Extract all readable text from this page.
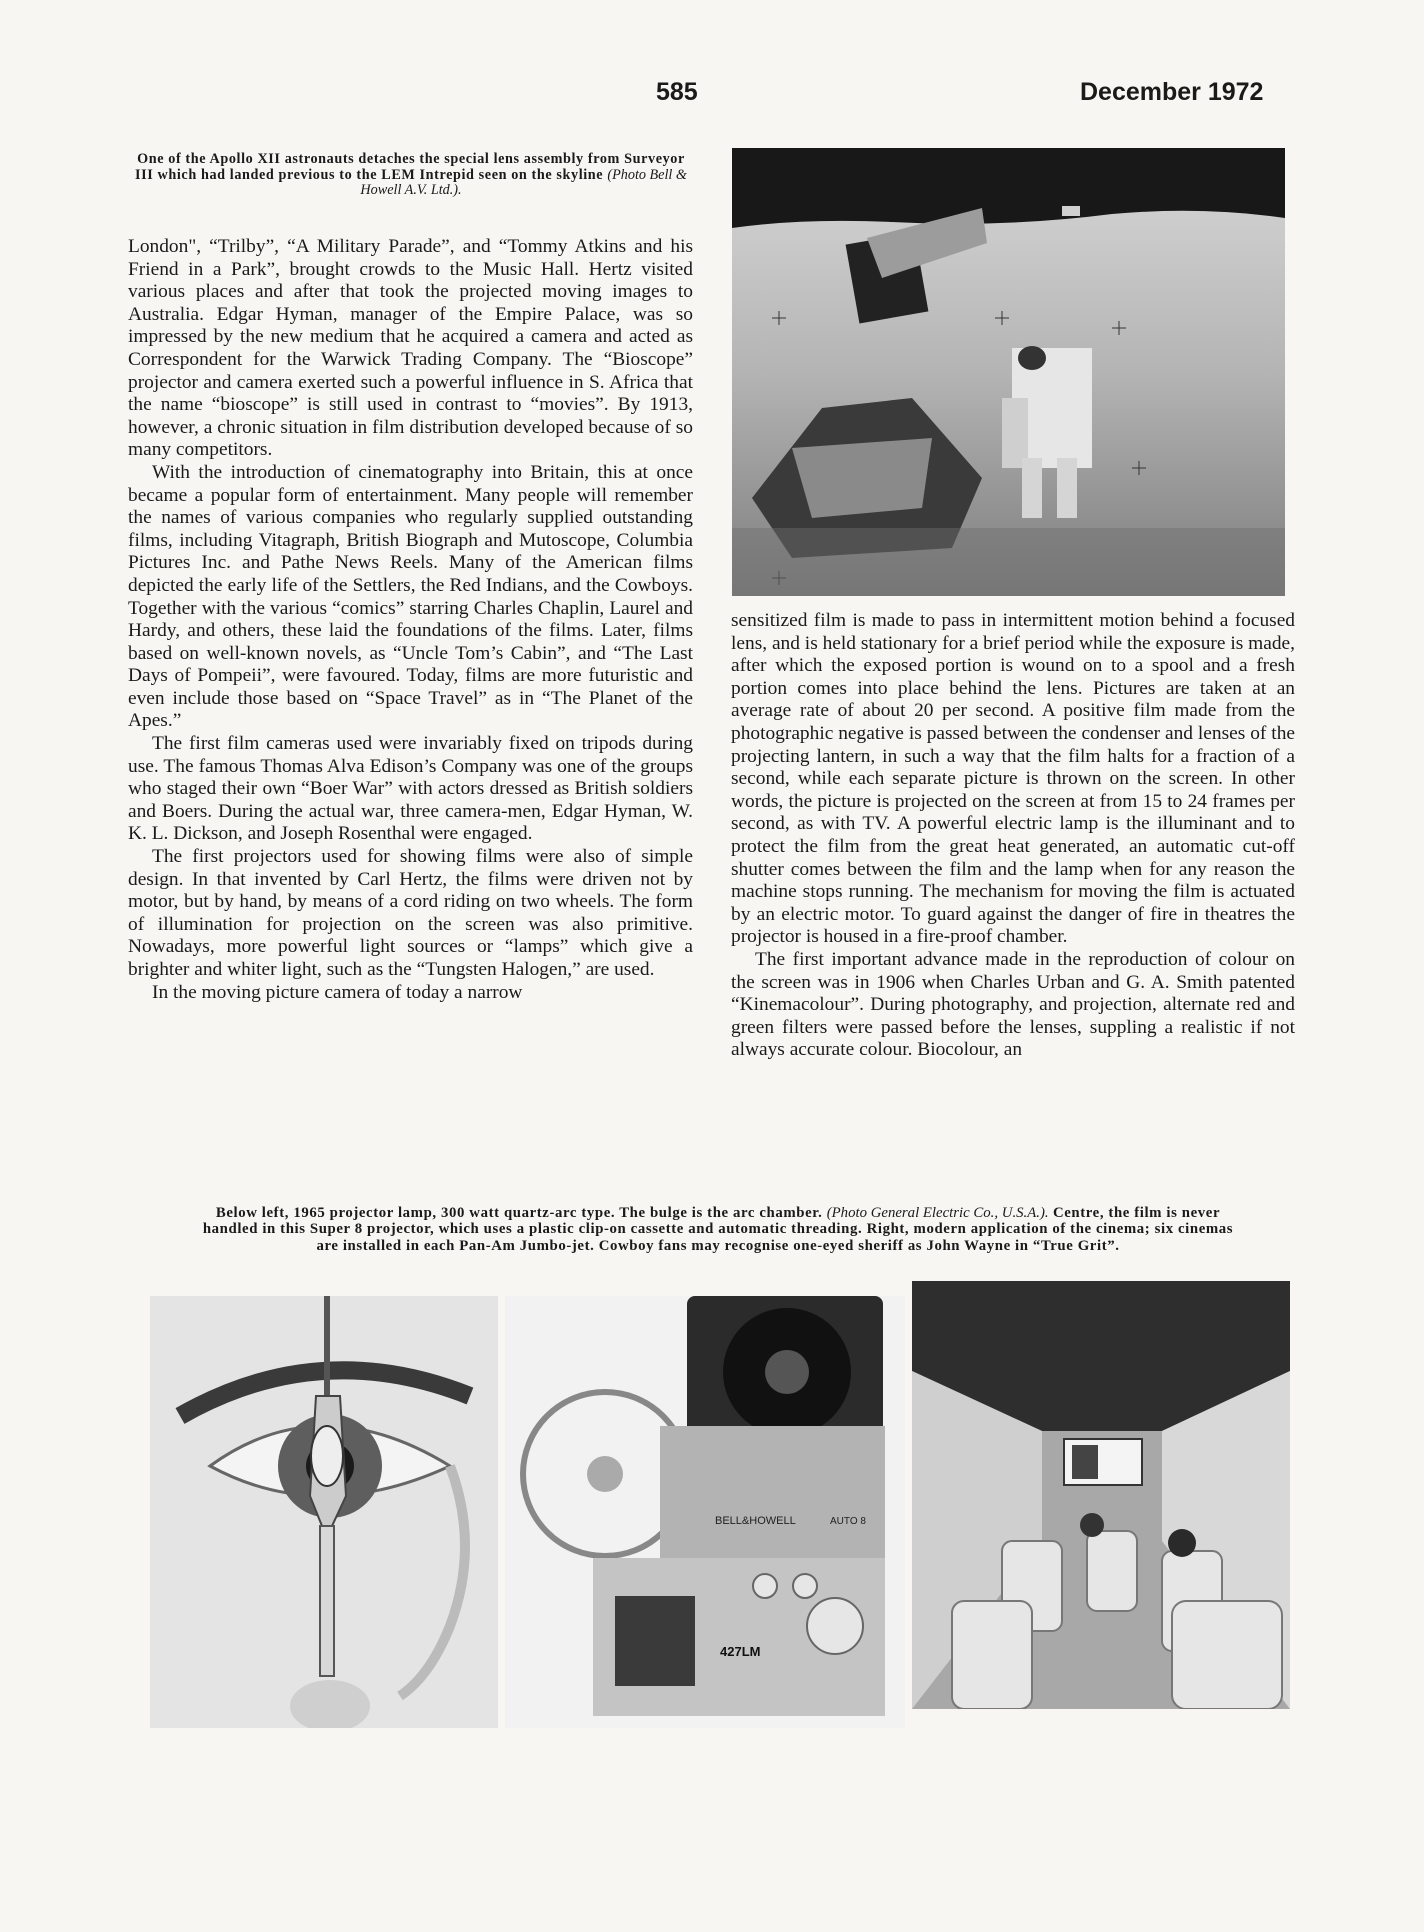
585	December 1972
One of the Apollo XII astronauts detaches the special lens assembly from Surveyor III which had landed previous to the LEM Intrepid seen on the skyline (Photo Bell & Howell A.V. Ltd.).

London", “Trilby”, “A Military Parade”, and “Tommy Atkins and his Friend in a Park”, brought crowds to the Music Hall. Hertz visited various places and after that took the projected moving images to Australia. Edgar Hyman, manager of the Empire Palace, was so impressed by the new medium that he acquired a camera and acted as Correspondent for the Warwick Trading Company. The “Bioscope” projector and camera exerted such a powerful influence in S. Africa that the name “bioscope” is still used in contrast to “movies”. By 1913, however, a chronic situation in film distribution developed because of so many competitors.

With the introduction of cinematography into Britain, this at once became a popular form of entertainment. Many people will remember the names of various companies who regularly supplied outstanding films, including Vitagraph, British Biograph and Mutoscope, Columbia Pictures Inc. and Pathe News Reels. Many of the American films depicted the early life of the Settlers, the Red Indians, and the Cowboys. Together with the various “comics” starring Charles Chaplin, Laurel and Hardy, and others, these laid the foundations of the films. Later, films based on well-known novels, as “Uncle Tom’s Cabin”, and “The Last Days of Pompeii”, were favoured. Today, films are more futuristic and even include those based on “Space Travel” as in “The Planet of the Apes.”

The first film cameras used were invariably fixed on tripods during use. The famous Thomas Alva Edison’s Company was one of the groups who staged their own “Boer War” with actors dressed as British soldiers and Boers. During the actual war, three camera-men, Edgar Hyman, W. K. L. Dickson, and Joseph Rosenthal were engaged.

The first projectors used for showing films were also of simple design. In that invented by Carl Hertz, the films were driven not by motor, but by hand, by means of a cord riding on two wheels. The form of illumination for projection on the screen was also primitive. Nowadays, more powerful light sources or “lamps” which give a brighter and whiter light, such as the “Tungsten Halogen,” are used.

In the moving picture camera of today a narrow

sensitized film is made to pass in intermittent motion behind a focused lens, and is held stationary for a brief period while the exposure is made, after which the exposed portion is wound on to a spool and a fresh portion comes into place behind the lens. Pictures are taken at an average rate of about 20 per second. A positive film made from the photographic negative is passed between the condenser and lenses of the projecting lantern, in such a way that the film halts for a fraction of a second, while each separate picture is thrown on the screen. In other words, the picture is projected on the screen at from 15 to 24 frames per second, as with TV. A powerful electric lamp is the illuminant and to protect the film from the great heat generated, an automatic cut-off shutter comes between the film and the lamp when for any reason the machine stops running. The mechanism for moving the film is actuated by an electric motor. To guard against the danger of fire in theatres the projector is housed in a fire-proof chamber.

The first important advance made in the reproduction of colour on the screen was in 1906 when Charles Urban and G. A. Smith patented “Kinemacolour”. During photography, and projection, alternate red and green filters were passed before the lenses, suppling a realistic if not always accurate colour. Biocolour, an

Below left, 1965 projector lamp, 300 watt quartz-arc type. The bulge is the arc chamber. (Photo General Electric Co., U.S.A.). Centre, the film is never handled in this Super 8 projector, which uses a plastic clip-on cassette and automatic threading. Right, modern application of the cinema; six cinemas are installed in each Pan-Am Jumbo-jet. Cowboy fans may recognise one-eyed sheriff as John Wayne in “True Grit”.
BELL&HOWELL	AUTO 8
427LM
